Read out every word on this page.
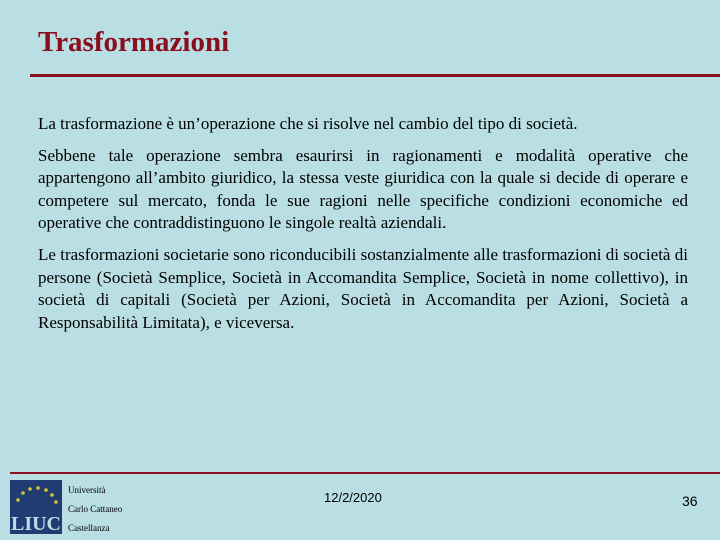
Trasformazioni

La trasformazione è un’operazione che si risolve nel cambio del tipo di società.

Sebbene tale operazione sembra esaurirsi in ragionamenti e modalità operative che appartengono all’ambito giuridico, la stessa veste giuridica con la quale si decide di operare e competere sul mercato, fonda le sue ragioni nelle specifiche condizioni economiche ed operative che contraddistinguono le singole realtà aziendali.

Le trasformazioni societarie sono riconducibili sostanzialmente alle trasformazioni di società di persone (Società Semplice, Società in Accomandita Semplice, Società in nome collettivo), in società di capitali (Società per Azioni, Società in Accomandita per Azioni, Società a Responsabilità Limitata), e viceversa.

LIUC
Università
Carlo Cattaneo
Castellanza
12/2/2020	36
